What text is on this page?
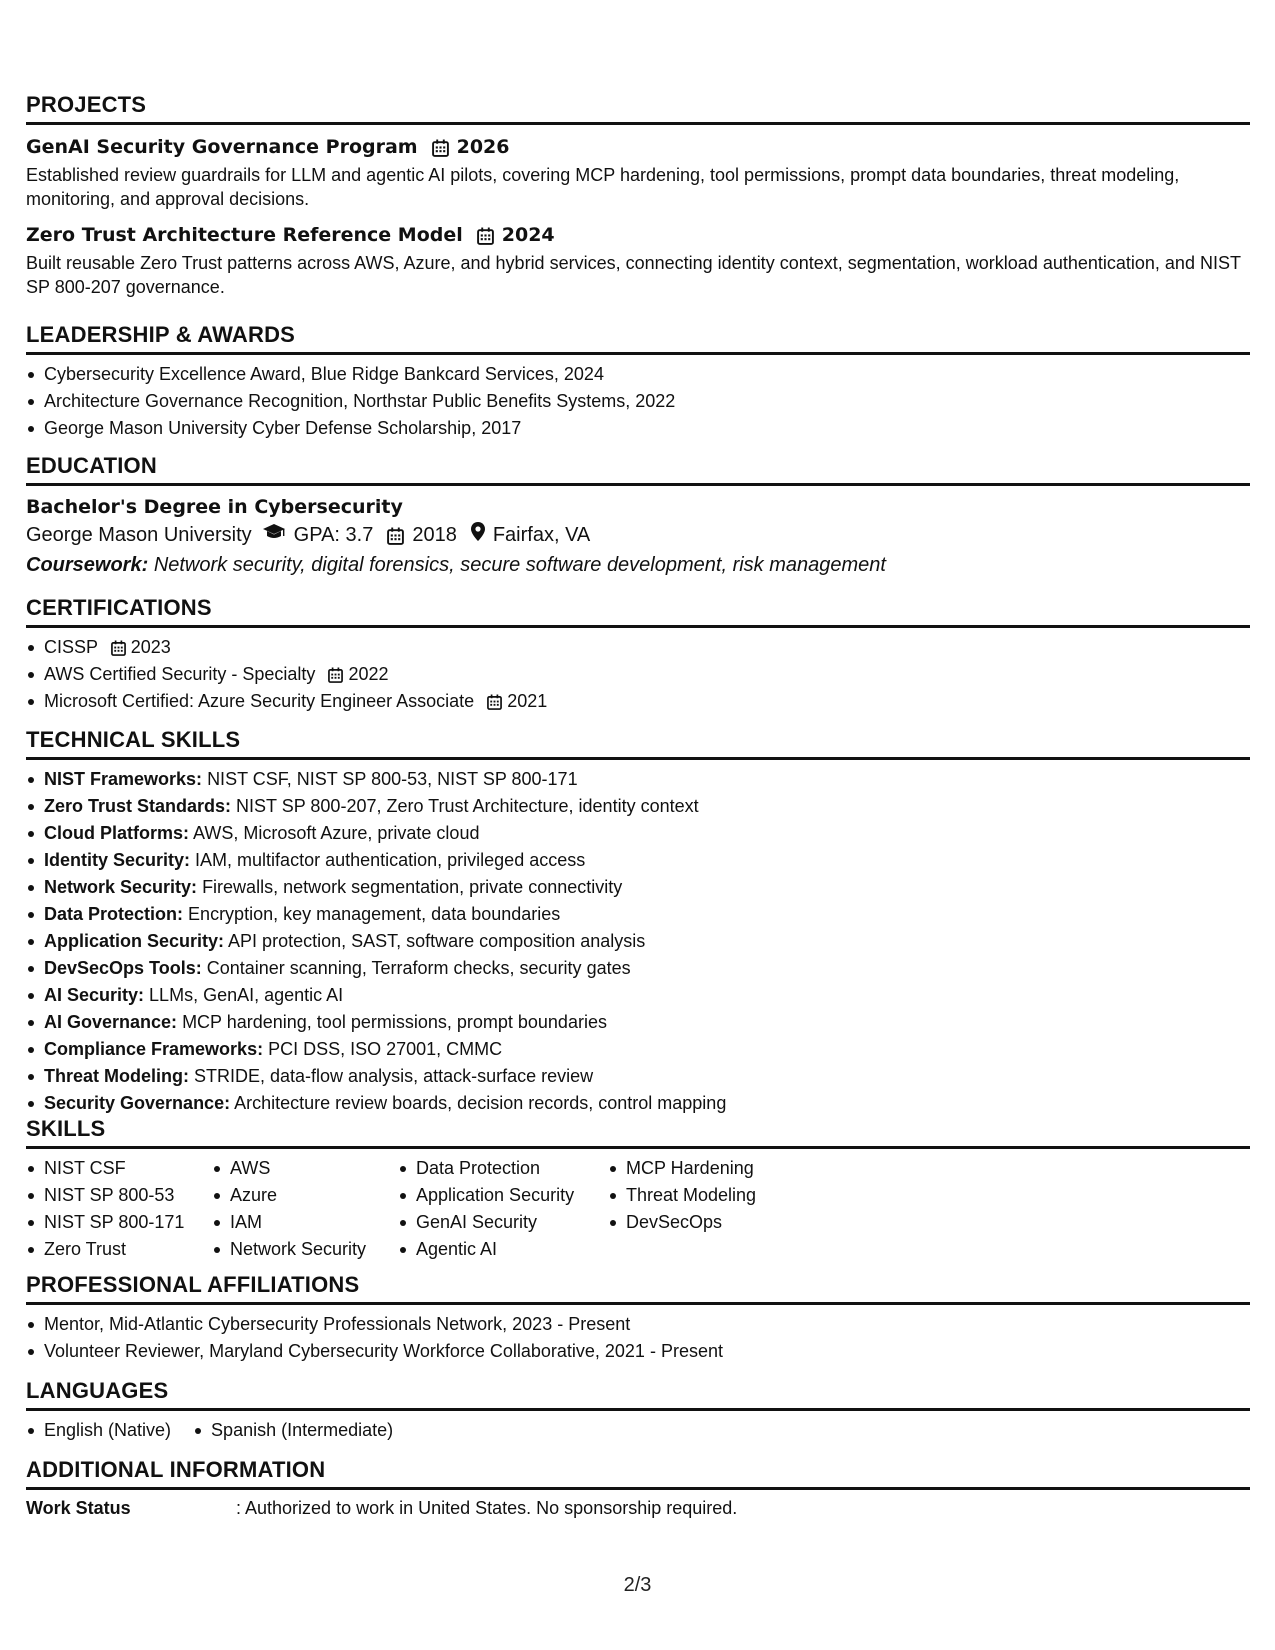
PROJECTS
GenAI Security Governance Program 2026
Established review guardrails for LLM and agentic AI pilots, covering MCP hardening, tool permissions, prompt data boundaries, threat modeling, monitoring, and approval decisions.
Zero Trust Architecture Reference Model 2024
Built reusable Zero Trust patterns across AWS, Azure, and hybrid services, connecting identity context, segmentation, workload authentication, and NIST SP 800-207 governance.
LEADERSHIP & AWARDS
Cybersecurity Excellence Award, Blue Ridge Bankcard Services, 2024
Architecture Governance Recognition, Northstar Public Benefits Systems, 2022
George Mason University Cyber Defense Scholarship, 2017
EDUCATION
Bachelor's Degree in Cybersecurity
George Mason University GPA: 3.7 2018 Fairfax, VA
Coursework: Network security, digital forensics, secure software development, risk management
CERTIFICATIONS
CISSP 2023
AWS Certified Security - Specialty 2022
Microsoft Certified: Azure Security Engineer Associate 2021
TECHNICAL SKILLS
NIST Frameworks: NIST CSF, NIST SP 800-53, NIST SP 800-171
Zero Trust Standards: NIST SP 800-207, Zero Trust Architecture, identity context
Cloud Platforms: AWS, Microsoft Azure, private cloud
Identity Security: IAM, multifactor authentication, privileged access
Network Security: Firewalls, network segmentation, private connectivity
Data Protection: Encryption, key management, data boundaries
Application Security: API protection, SAST, software composition analysis
DevSecOps Tools: Container scanning, Terraform checks, security gates
AI Security: LLMs, GenAI, agentic AI
AI Governance: MCP hardening, tool permissions, prompt boundaries
Compliance Frameworks: PCI DSS, ISO 27001, CMMC
Threat Modeling: STRIDE, data-flow analysis, attack-surface review
Security Governance: Architecture review boards, decision records, control mapping
SKILLS
NIST CSF
NIST SP 800-53
NIST SP 800-171
Zero Trust
AWS
Azure
IAM
Network Security
Data Protection
Application Security
GenAI Security
Agentic AI
MCP Hardening
Threat Modeling
DevSecOps
PROFESSIONAL AFFILIATIONS
Mentor, Mid-Atlantic Cybersecurity Professionals Network, 2023 - Present
Volunteer Reviewer, Maryland Cybersecurity Workforce Collaborative, 2021 - Present
LANGUAGES
English (Native)	Spanish (Intermediate)
ADDITIONAL INFORMATION
Work Status	: Authorized to work in United States. No sponsorship required.
2/3
